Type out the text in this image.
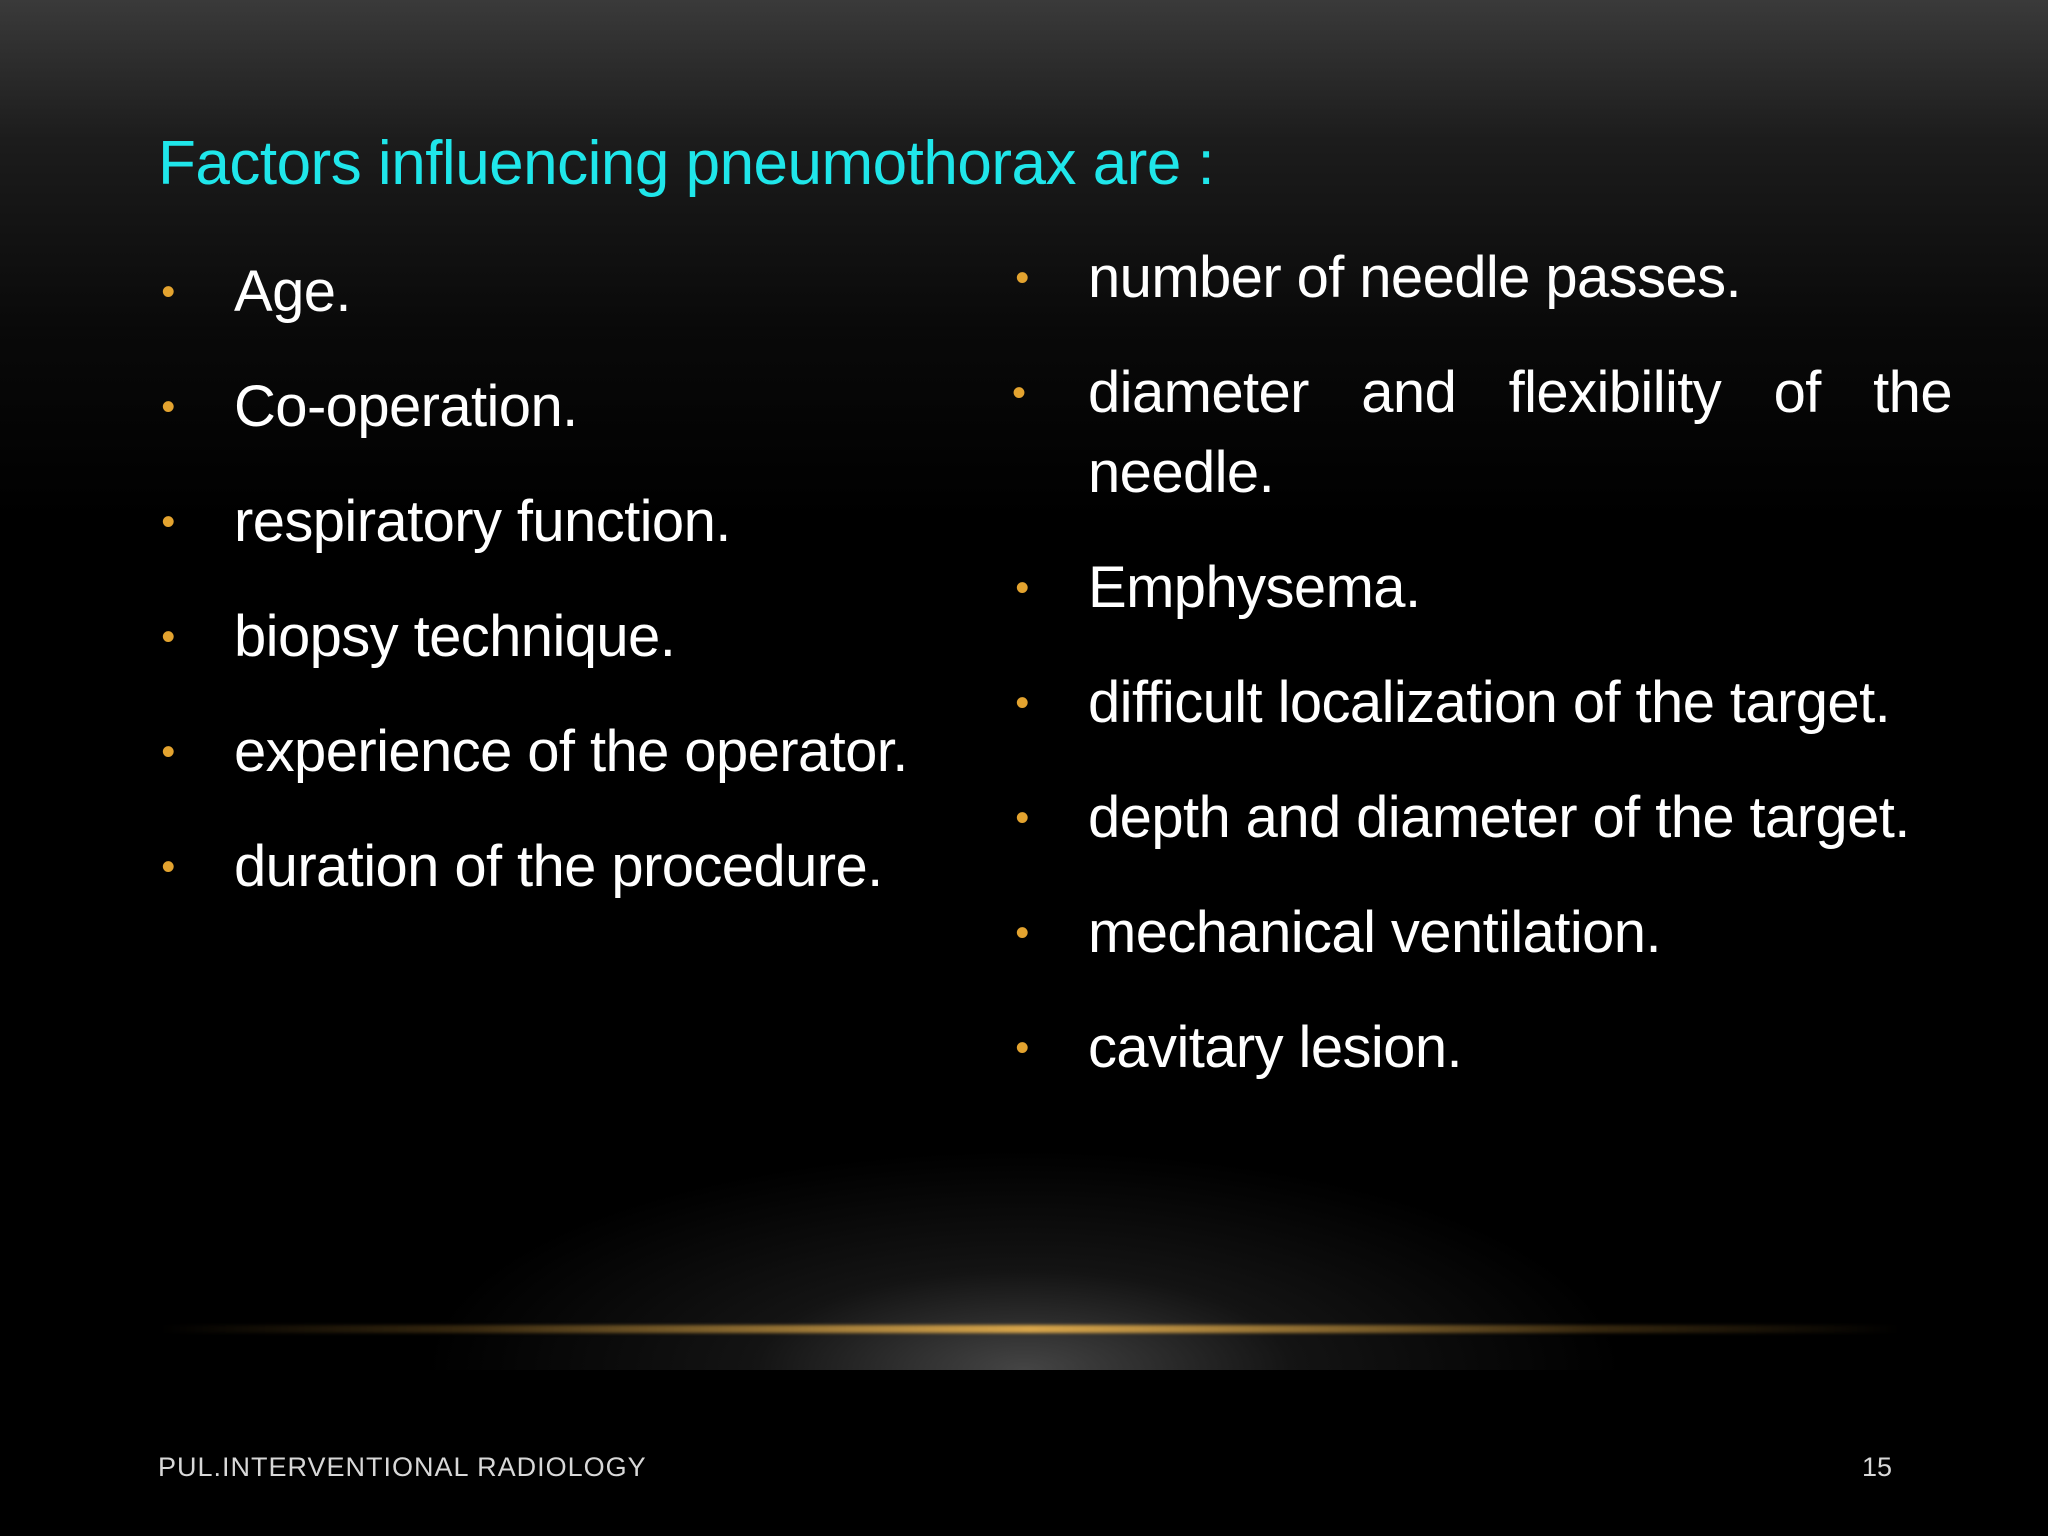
Factors influencing pneumothorax are :
• Age.
• Co-operation.
• respiratory function.
• biopsy technique.
• experience of the operator.
• duration of the procedure.
• number of needle passes.
• diameter and flexibility of the needle.
• Emphysema.
• difficult localization of the target.
• depth and diameter of the target.
• mechanical ventilation.
• cavitary lesion.
PUL.INTERVENTIONAL RADIOLOGY	15
